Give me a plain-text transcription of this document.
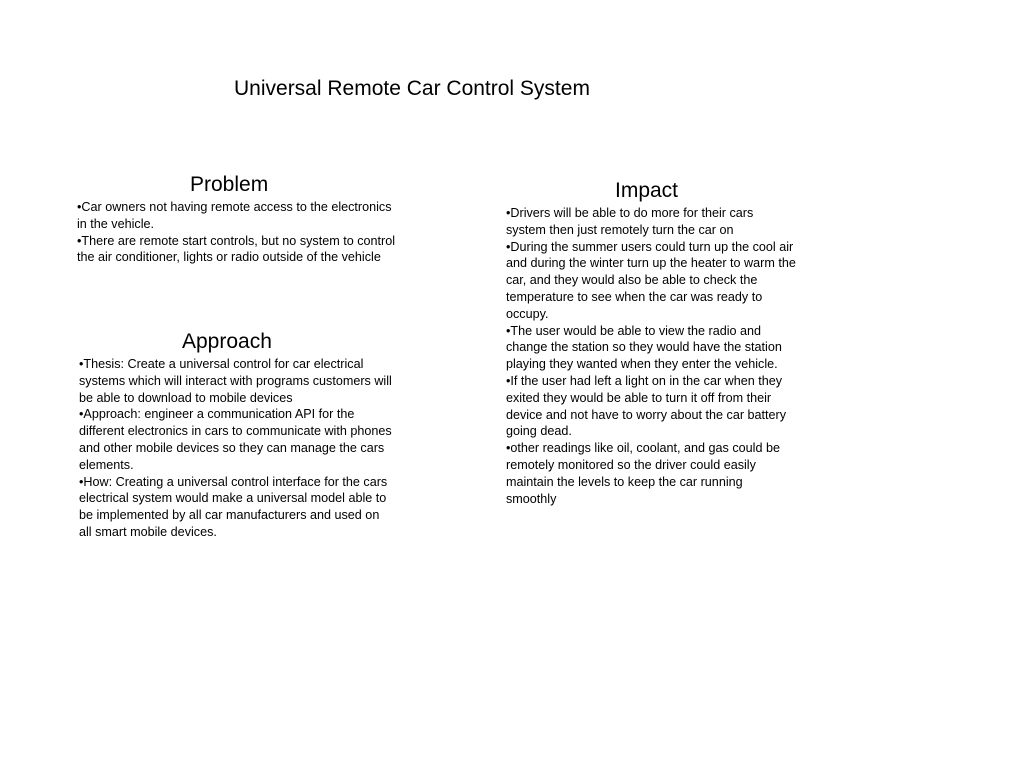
Universal Remote Car Control System
Problem
• Car owners not having remote access to the electronics in the vehicle.
• There are remote start controls, but no system to control the air conditioner, lights or radio outside of the vehicle
Approach
• Thesis: Create a universal control for car electrical systems which will interact with programs customers will be able to download to mobile devices
• Approach: engineer a communication API for the different electronics in cars to communicate with phones and other mobile devices so they can manage the cars elements.
• How: Creating a universal control interface for the cars electrical system would make a universal model able to be implemented by all car manufacturers and used on all smart mobile devices.
Impact
• Drivers will be able to do more for their cars system then just remotely turn the car on
• During the summer users could turn up the cool air and during the winter turn up the heater to warm the car, and they would also be able to check the temperature to see when the car was ready to occupy.
• The user would be able to view the radio and change the station so they would have the station playing they wanted when they enter the vehicle.
• If the user had left a light on in the car when they exited they would be able to turn it off from their device and not have to worry about the car battery going dead.
• other readings like oil, coolant, and gas could be remotely monitored so the driver could easily maintain the levels to keep the car running smoothly
